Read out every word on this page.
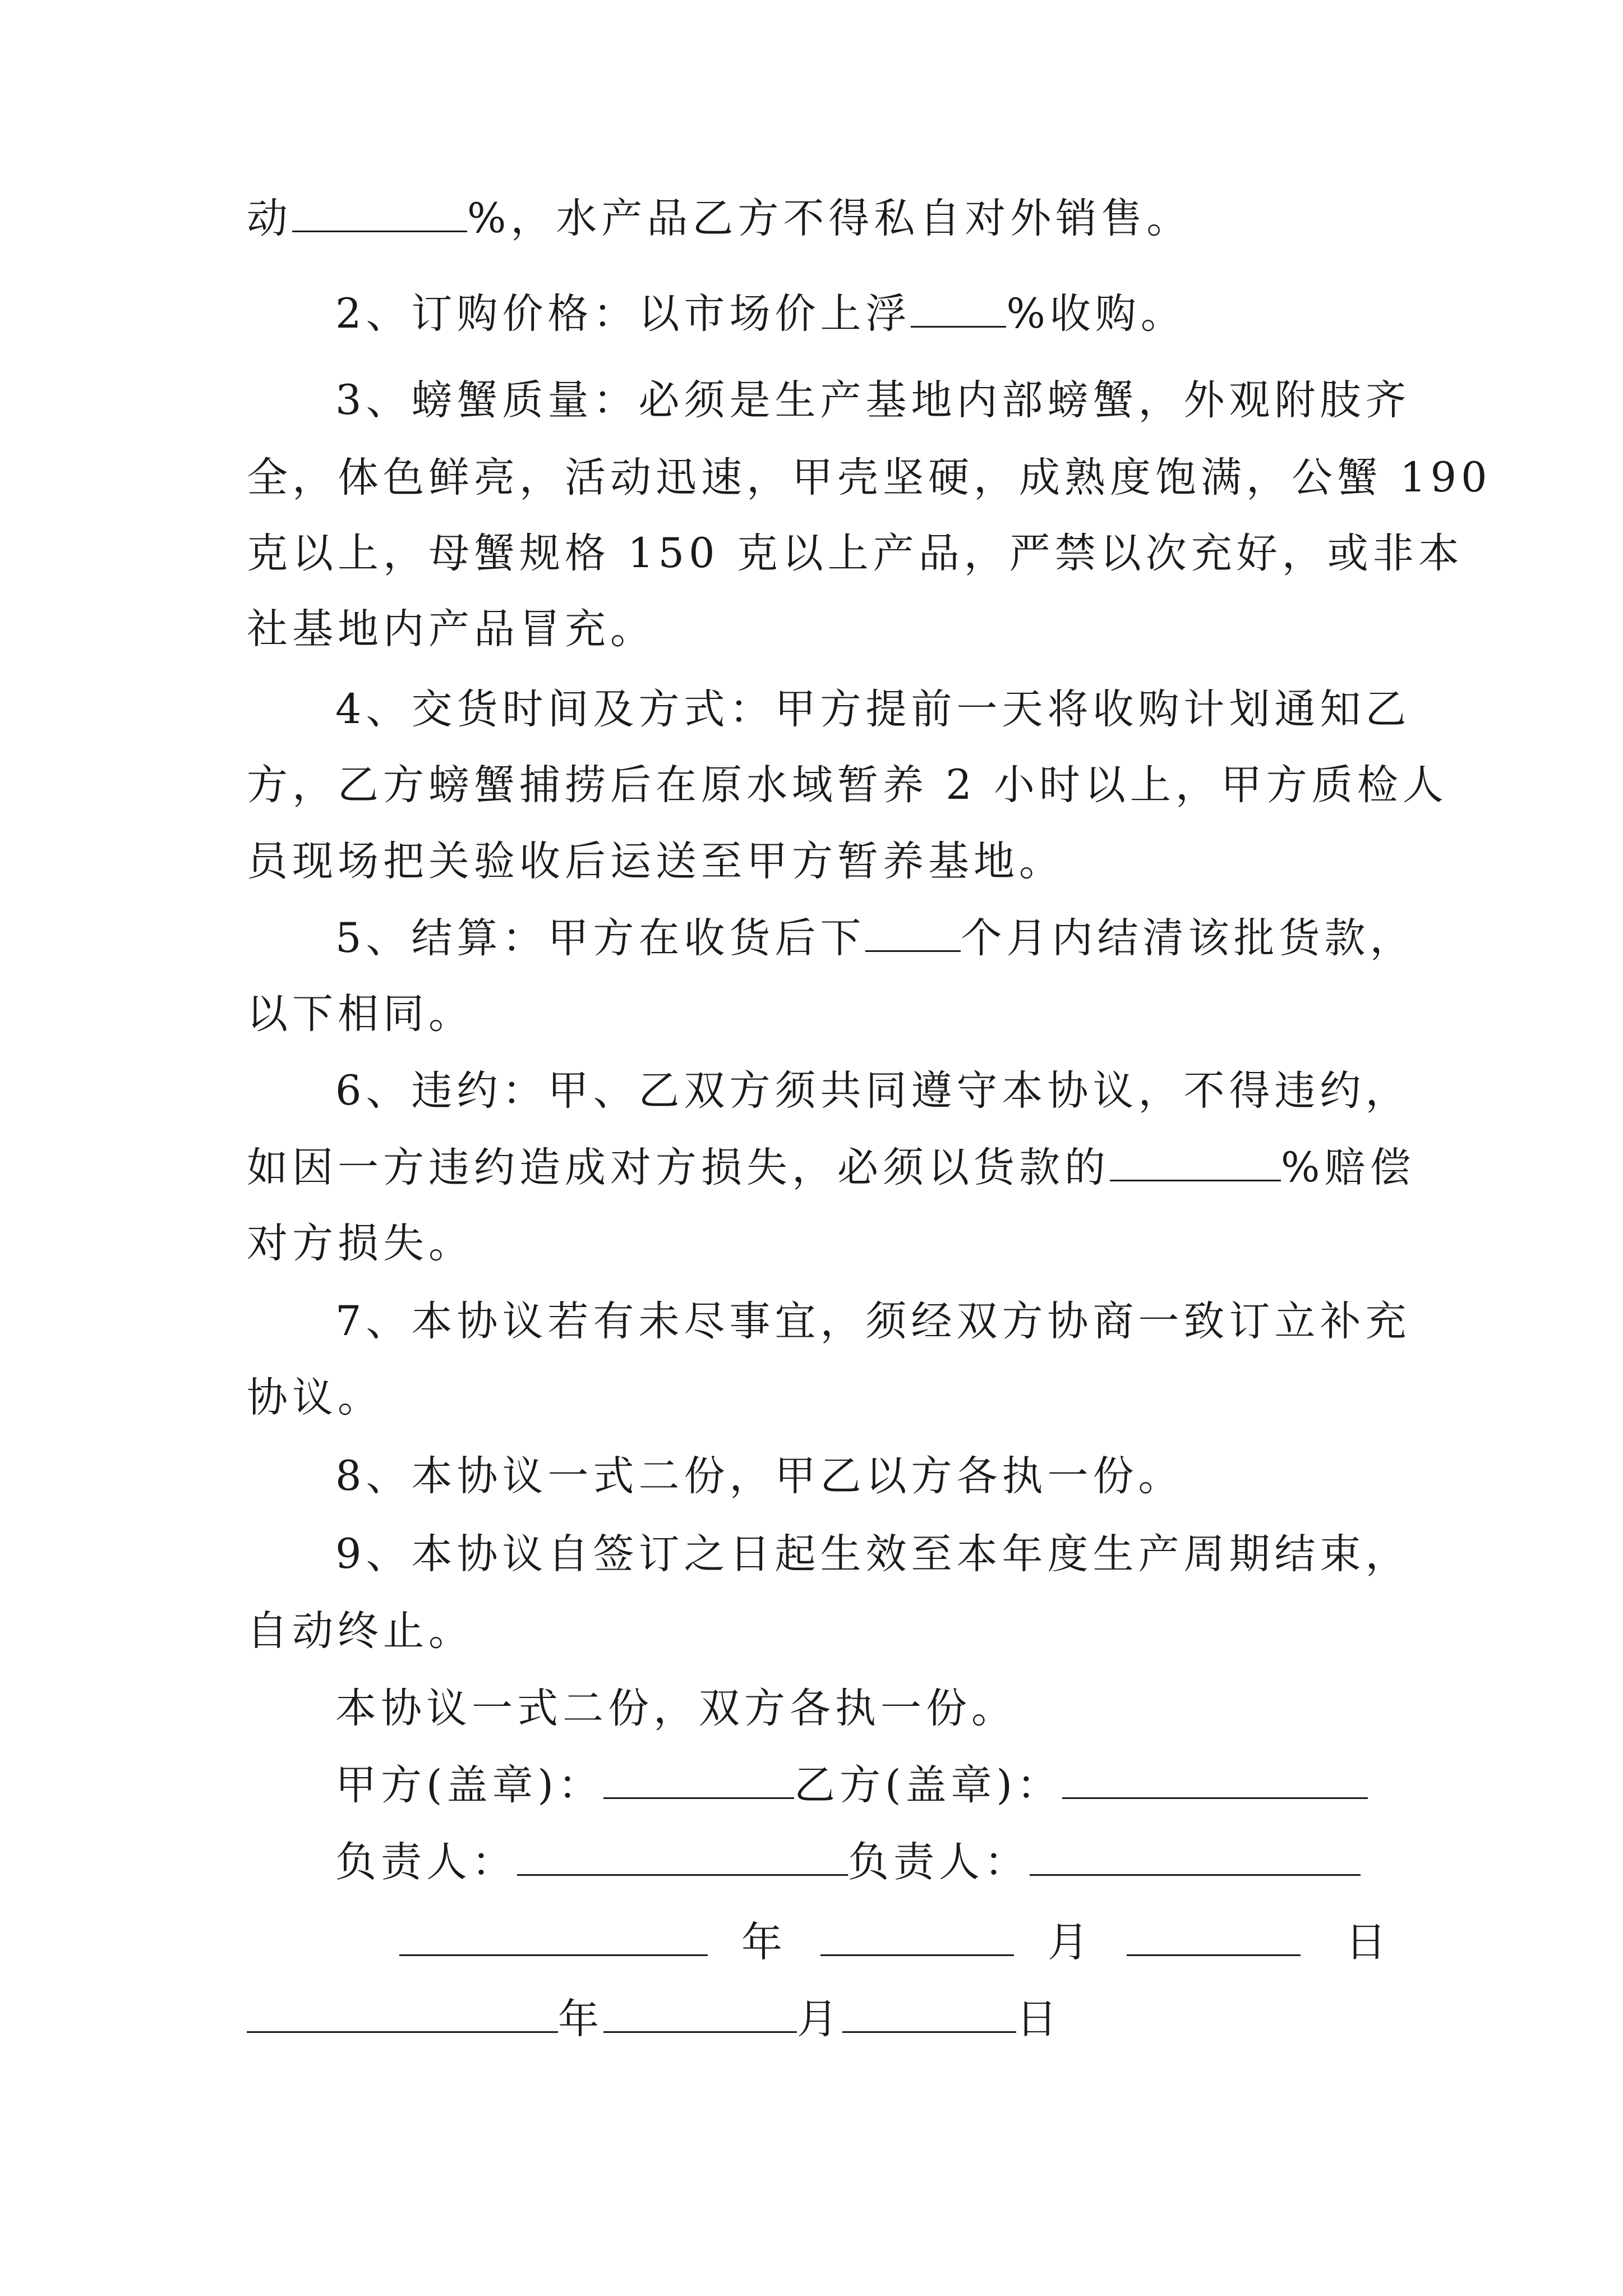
动	%，水产品乙方不得私自对外销售。
2、订购价格：以市场价上浮 %收购。
3、螃蟹质量：必须是生产基地内部螃蟹，外观附肢齐
全，体色鲜亮，活动迅速，甲壳坚硬，成熟度饱满，公蟹 190
克以上，母蟹规格 150 克以上产品，严禁以次充好，或非本
社基地内产品冒充。
4、交货时间及方式：甲方提前一天将收购计划通知乙
方，乙方螃蟹捕捞后在原水域暂养 2 小时以上，甲方质检人
员现场把关验收后运送至甲方暂养基地。
5、结算：甲方在收货后下 个月内结清该批货款，
以下相同。
6、违约：甲、乙双方须共同遵守本协议，不得违约，
如因一方违约造成对方损失，必须以货款的	%赔偿
对方损失。
7、本协议若有未尽事宜，须经双方协商一致订立补充
协议。
8、本协议一式二份，甲乙以方各执一份。
9、本协议自签订之日起生效至本年度生产周期结束，
自动终止。
本协议一式二份，双方各执一份。
甲方(盖章)：	乙方(盖章)：
负责人：	负责人：
年	月	日
年	月	日
